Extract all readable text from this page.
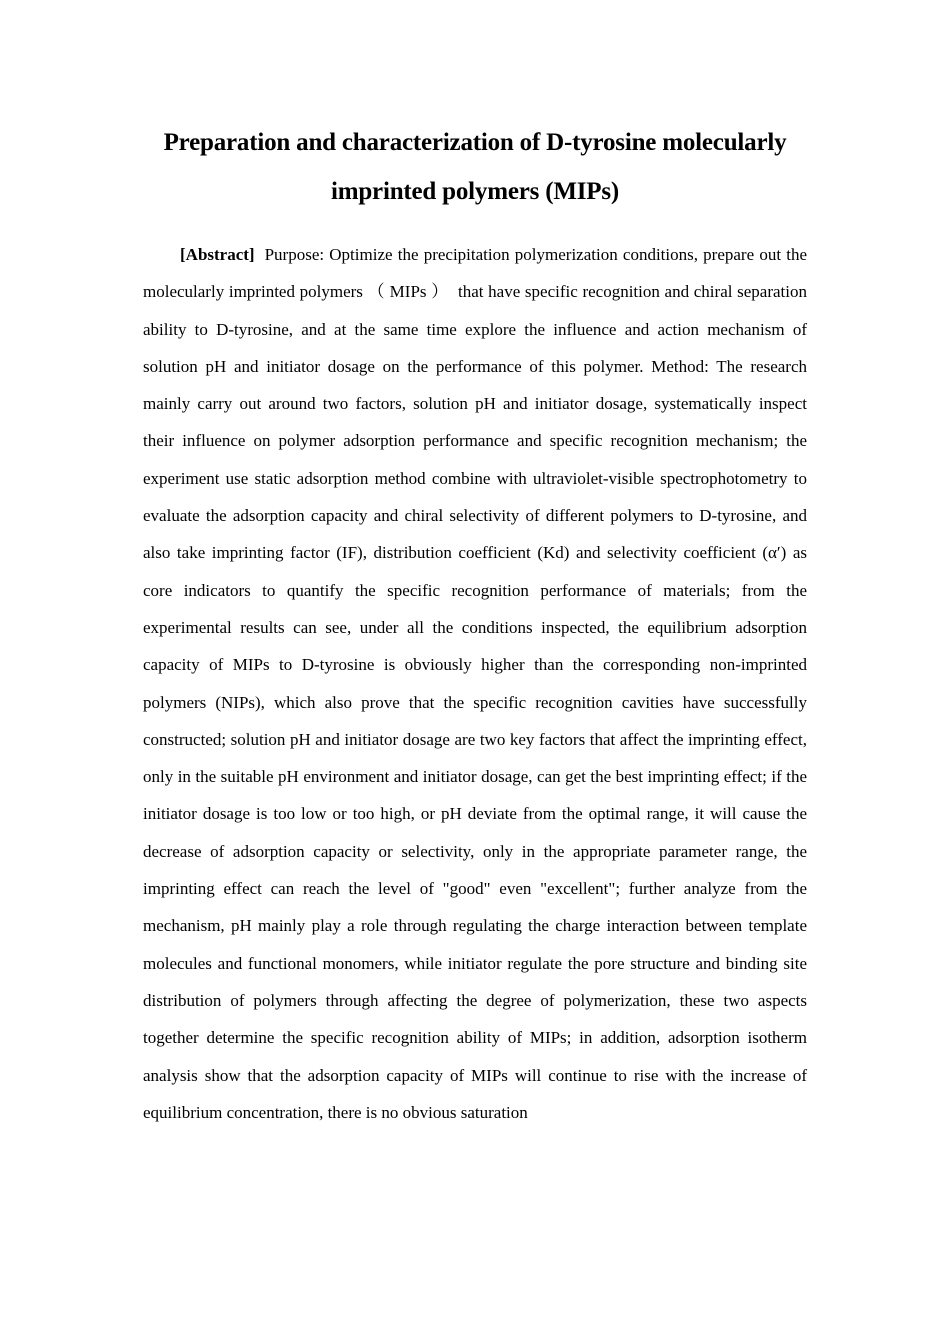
Preparation and characterization of D-tyrosine molecularly
imprinted polymers (MIPs)

[Abstract] Purpose: Optimize the precipitation polymerization conditions, prepare out the molecularly imprinted polymers （ MIPs ）  that have specific recognition and chiral separation ability to D-tyrosine, and at the same time explore the influence and action mechanism of solution pH and initiator dosage on the performance of this polymer. Method: The research mainly carry out around two factors, solution pH and initiator dosage, systematically inspect their influence on polymer adsorption performance and specific recognition mechanism; the experiment use static adsorption method combine with ultraviolet-visible spectrophotometry to evaluate the adsorption capacity and chiral selectivity of different polymers to D-tyrosine, and also take imprinting factor (IF), distribution coefficient (Kd) and selectivity coefficient (α′) as core indicators to quantify the specific recognition performance of materials; from the experimental results can see, under all the conditions inspected, the equilibrium adsorption capacity of MIPs to D-tyrosine is obviously higher than the corresponding non-imprinted polymers (NIPs), which also prove that the specific recognition cavities have successfully constructed; solution pH and initiator dosage are two key factors that affect the imprinting effect, only in the suitable pH environment and initiator dosage, can get the best imprinting effect; if the initiator dosage is too low or too high, or pH deviate from the optimal range, it will cause the decrease of adsorption capacity or selectivity, only in the appropriate parameter range, the imprinting effect can reach the level of "good" even "excellent"; further analyze from the mechanism, pH mainly play a role through regulating the charge interaction between template molecules and functional monomers, while initiator regulate the pore structure and binding site distribution of polymers through affecting the degree of polymerization, these two aspects together determine the specific recognition ability of MIPs; in addition, adsorption isotherm analysis show that the adsorption capacity of MIPs will continue to rise with the increase of equilibrium concentration, there is no obvious saturation
